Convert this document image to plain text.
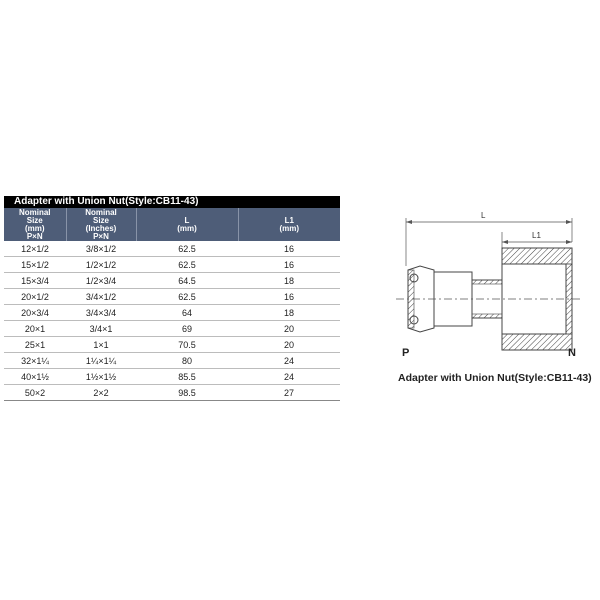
Adapter with Union Nut(Style:CB11-43)
Nominal
Size
(mm)
P×N	Nominal
Size
(Inches)
P×N	L
(mm)	L1
(mm)

12×1/2	3/8×1/2	62.5	16
15×1/2	1/2×1/2	62.5	16
15×3/4	1/2×3/4	64.5	18
20×1/2	3/4×1/2	62.5	16
20×3/4	3/4×3/4	64	18
20×1	3/4×1	69	20
25×1	1×1	70.5	20
32×1¼	1¼×1¼	80	24
40×1½	1½×1½	85.5	24
50×2	2×2	98.5	27
L
L1
P	N
Adapter with Union Nut(Style:CB11-43)
